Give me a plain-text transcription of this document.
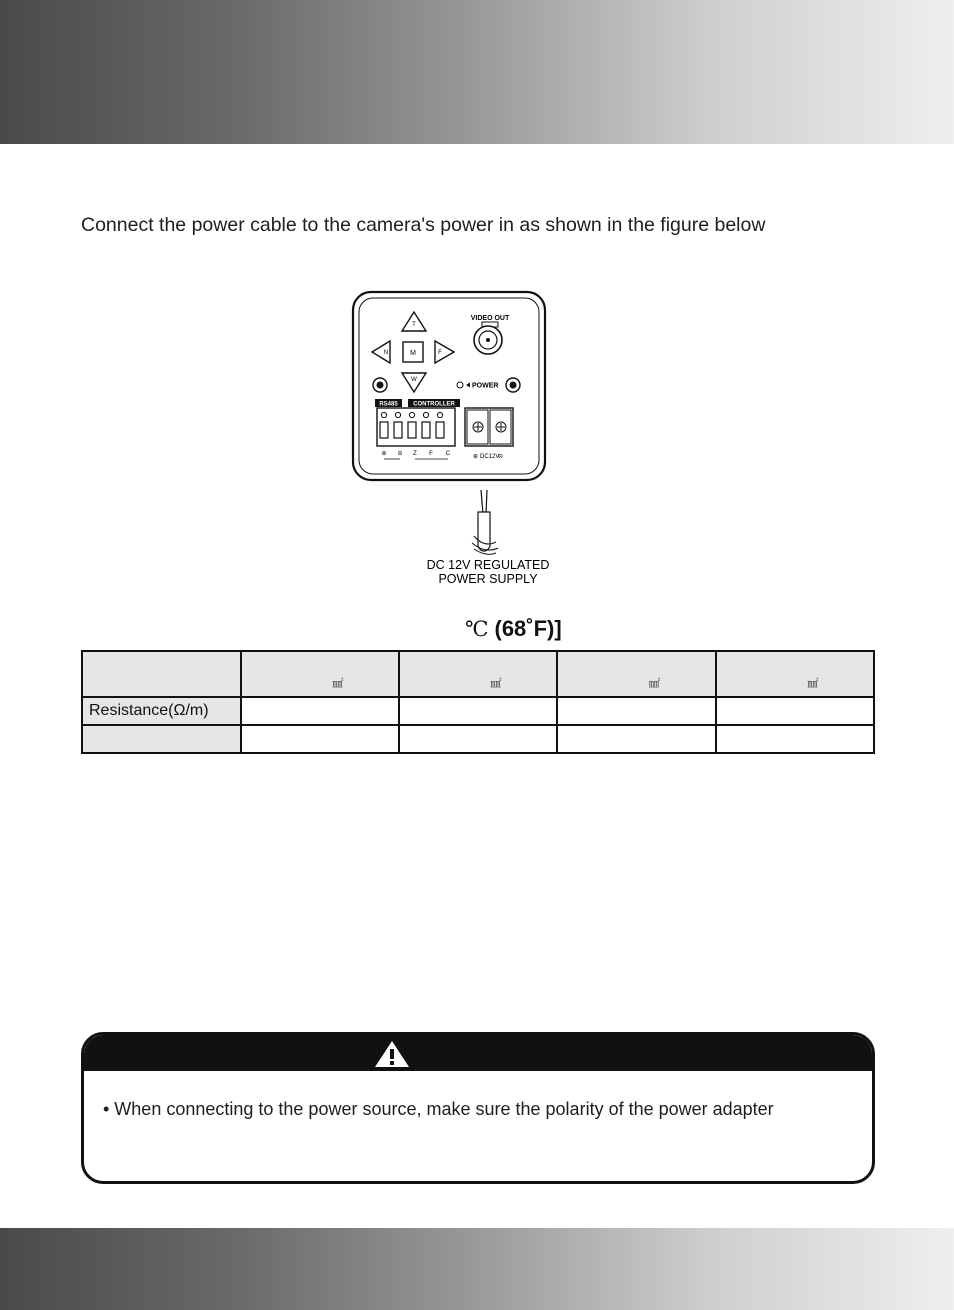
Connect the power cable to the camera's power in as shown in the figure below
T
N	M	F
W
VIDEO OUT
POWER
RS485	CONTROLLER
⊕ ⊖ Z F C	⊕ DC12V
⊖
DC 12V REGULATED
POWER SUPPLY
℃ (68˚F)]
	㎟	㎟	㎟	㎟
Resistance(Ω/m)				

• When connecting to the power source, make sure the polarity of the power adapter
